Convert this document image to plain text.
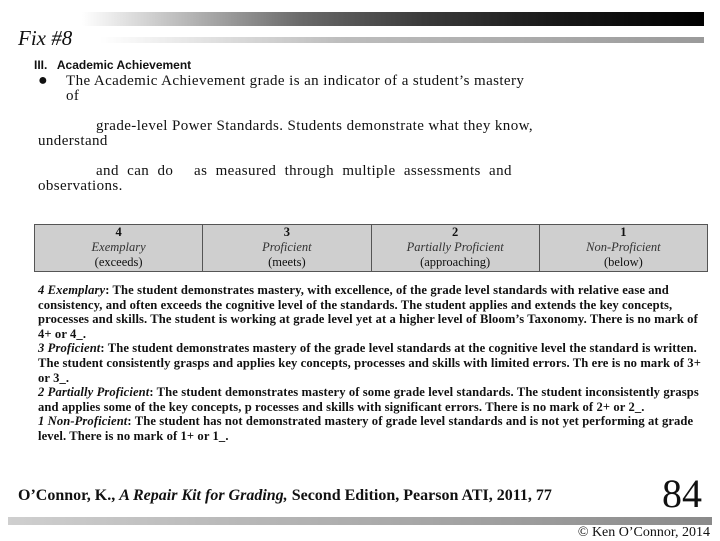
Fix #8
III.   Academic Achievement
● The Academic Achievement grade is an indicator of a student’s mastery
of
grade-level Power Standards. Students demonstrate what they know,
understand
and  can  do     as  measured  through  multiple  assessments  and
observations.
4
Exemplary
(exceeds)
3
Proficient
(meets)
2
Partially Proficient
(approaching)
1
Non-Proficient
(below)

4 Exemplary: The student demonstrates mastery, with excellence, of the grade level standards with relative ease and consistency, and often exceeds the cognitive level of the standards. The student applies and extends the key concepts, processes and skills. The student is working at grade level yet at a higher level of Bloom’s Taxonomy. There is no mark of 4+ or 4_.

3 Proficient: The student demonstrates mastery of the grade level standards at the cognitive level the standard is written. The student consistently grasps and applies key concepts, processes and skills with limited errors. Th ere is no mark of 3+ or 3_.

2 Partially Proficient: The student demonstrates mastery of some grade level standards. The student inconsistently grasps and applies some of the key concepts, p rocesses and skills with significant errors. There is no mark of 2+ or 2_.

1 Non-Proficient: The student has not demonstrated mastery of grade level standards and is not yet performing at grade level. There is no mark of 1+ or 1_.

O’Connor, K., A Repair Kit for Grading, Second Edition, Pearson ATI, 2011, 77	84
© Ken O’Connor, 2014
